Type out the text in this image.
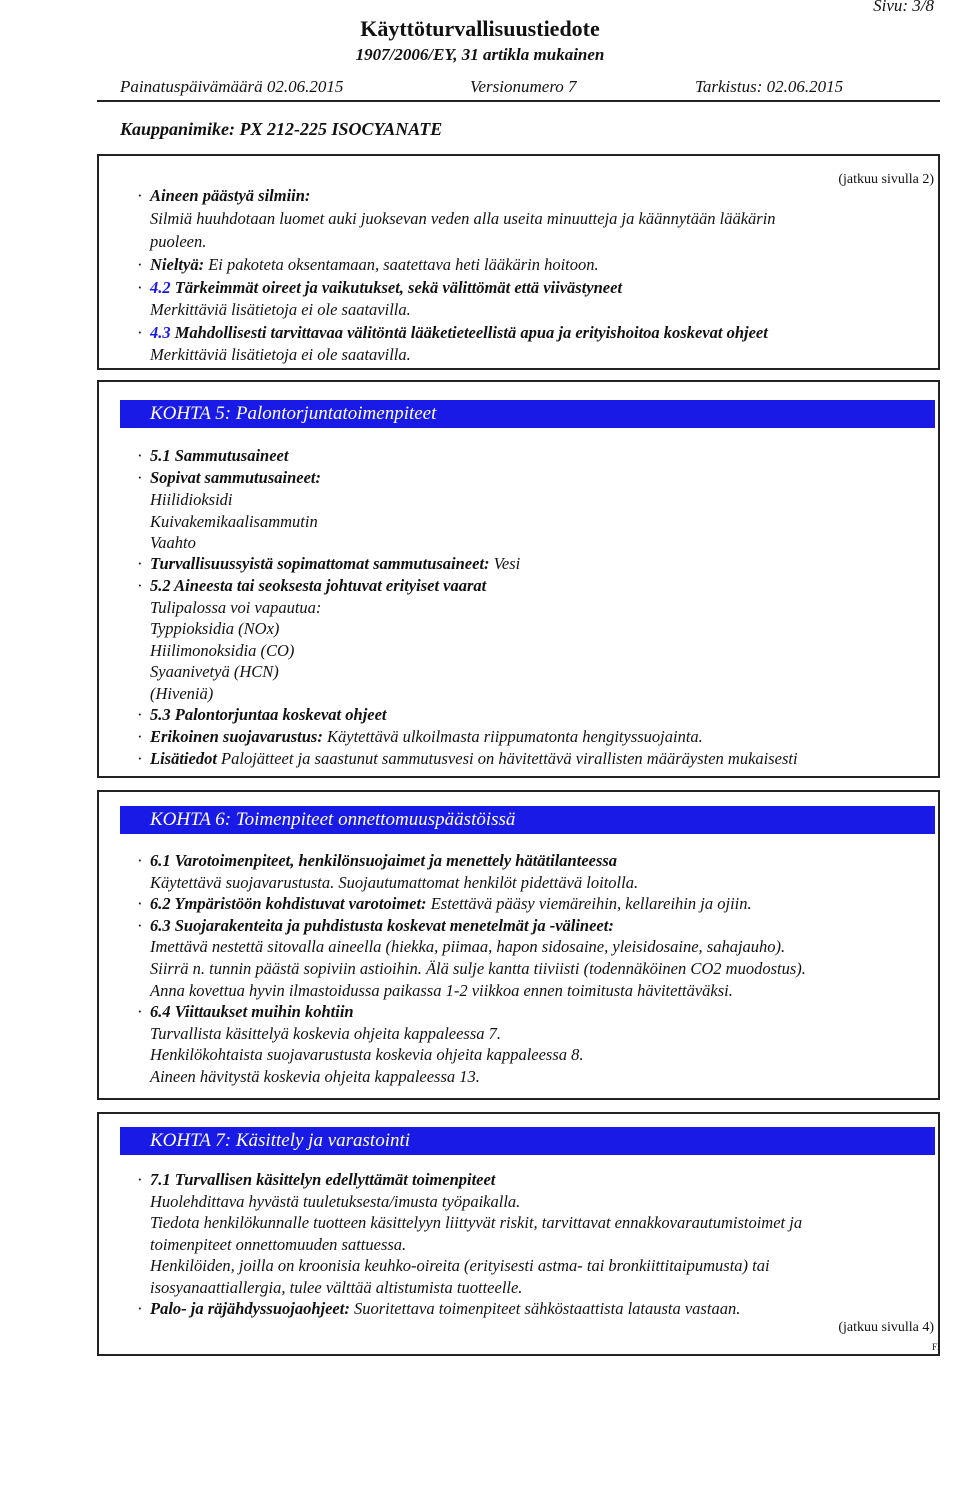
Sivu: 3/8
Käyttöturvallisuustiedote
1907/2006/EY, 31 artikla mukainen
Painatuspäivämäärä 02.06.2015	Versionumero 7	Tarkistus: 02.06.2015
Kauppanimike: PX 212-225 ISOCYANATE
(jatkuu sivulla 2)
· Aineen päästyä silmiin:
Silmiä huuhdotaan luomet auki juoksevan veden alla useita minuutteja ja käännytään lääkärin
puoleen.
· Nieltyä: Ei pakoteta oksentamaan, saatettava heti lääkärin hoitoon.
· 4.2 Tärkeimmät oireet ja vaikutukset, sekä välittömät että viivästyneet
Merkittäviä lisätietoja ei ole saatavilla.
· 4.3 Mahdollisesti tarvittavaa välitöntä lääketieteellistä apua ja erityishoitoa koskevat ohjeet
Merkittäviä lisätietoja ei ole saatavilla.
KOHTA 5: Palontorjuntatoimenpiteet
· 5.1 Sammutusaineet
· Sopivat sammutusaineet:
Hiilidioksidi
Kuivakemikaalisammutin
Vaahto
· Turvallisuussyistä sopimattomat sammutusaineet: Vesi
· 5.2 Aineesta tai seoksesta johtuvat erityiset vaarat
Tulipalossa voi vapautua:
Typpioksidia (NOx)
Hiilimonoksidia (CO)
Syaanivetyä (HCN)
(Hiveniä)
· 5.3 Palontorjuntaa koskevat ohjeet
· Erikoinen suojavarustus: Käytettävä ulkoilmasta riippumatonta hengityssuojainta.
· Lisätiedot Palojätteet ja saastunut sammutusvesi on hävitettävä virallisten määräysten mukaisesti
KOHTA 6: Toimenpiteet onnettomuuspäästöissä
· 6.1 Varotoimenpiteet, henkilönsuojaimet ja menettely hätätilanteessa
Käytettävä suojavarustusta. Suojautumattomat henkilöt pidettävä loitolla.
· 6.2 Ympäristöön kohdistuvat varotoimet: Estettävä pääsy viemäreihin, kellareihin ja ojiin.
· 6.3 Suojarakenteita ja puhdistusta koskevat menetelmät ja -välineet:
Imettävä nestettä sitovalla aineella (hiekka, piimaa, hapon sidosaine, yleisidosaine, sahajauho).
Siirrä n. tunnin päästä sopiviin astioihin. Älä sulje kantta tiiviisti (todennäköinen CO2 muodostus).
Anna kovettua hyvin ilmastoidussa paikassa 1-2 viikkoa ennen toimitusta hävitettäväksi.
· 6.4 Viittaukset muihin kohtiin
Turvallista käsittelyä koskevia ohjeita kappaleessa 7.
Henkilökohtaista suojavarustusta koskevia ohjeita kappaleessa 8.
Aineen hävitystä koskevia ohjeita kappaleessa 13.
KOHTA 7: Käsittely ja varastointi
· 7.1 Turvallisen käsittelyn edellyttämät toimenpiteet
Huolehdittava hyvästä tuuletuksesta/imusta työpaikalla.
Tiedota henkilökunnalle tuotteen käsittelyyn liittyvät riskit, tarvittavat ennakkovarautumistoimet ja
toimenpiteet onnettomuuden sattuessa.
Henkilöiden, joilla on kroonisia keuhko-oireita (erityisesti astma- tai bronkiittitaipumusta) tai
isosyanaattiallergia, tulee välttää altistumista tuotteelle.
· Palo- ja räjähdyssuojaohjeet: Suoritettava toimenpiteet sähköstaattista latausta vastaan.
(jatkuu sivulla 4)
FI
